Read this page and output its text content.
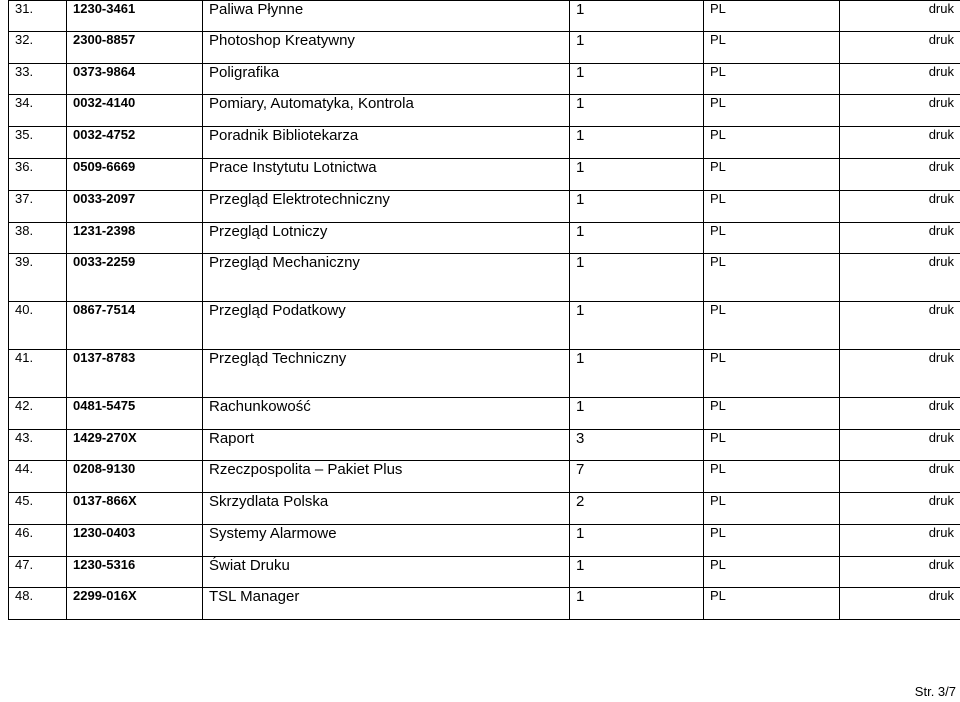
31.	1230-3461	Paliwa Płynne	1	PL	druk
32.	2300-8857	Photoshop Kreatywny	1	PL	druk
33.	0373-9864	Poligrafika	1	PL	druk
34.	0032-4140	Pomiary, Automatyka, Kontrola	1	PL	druk
35.	0032-4752	Poradnik Bibliotekarza	1	PL	druk
36.	0509-6669	Prace Instytutu Lotnictwa	1	PL	druk
37.	0033-2097	Przegląd Elektrotechniczny	1	PL	druk
38.	1231-2398	Przegląd Lotniczy	1	PL	druk
39.	0033-2259	Przegląd Mechaniczny	1	PL	druk
40.	0867-7514	Przegląd Podatkowy	1	PL	druk
41.	0137-8783	Przegląd Techniczny	1	PL	druk
42.	0481-5475	Rachunkowość	1	PL	druk
43.	1429-270X	Raport	3	PL	druk
44.	0208-9130	Rzeczpospolita – Pakiet Plus	7	PL	druk
45.	0137-866X	Skrzydlata Polska	2	PL	druk
46.	1230-0403	Systemy Alarmowe	1	PL	druk
47.	1230-5316	Świat Druku	1	PL	druk
48.	2299-016X	TSL Manager	1	PL	druk
Str. 3/7
